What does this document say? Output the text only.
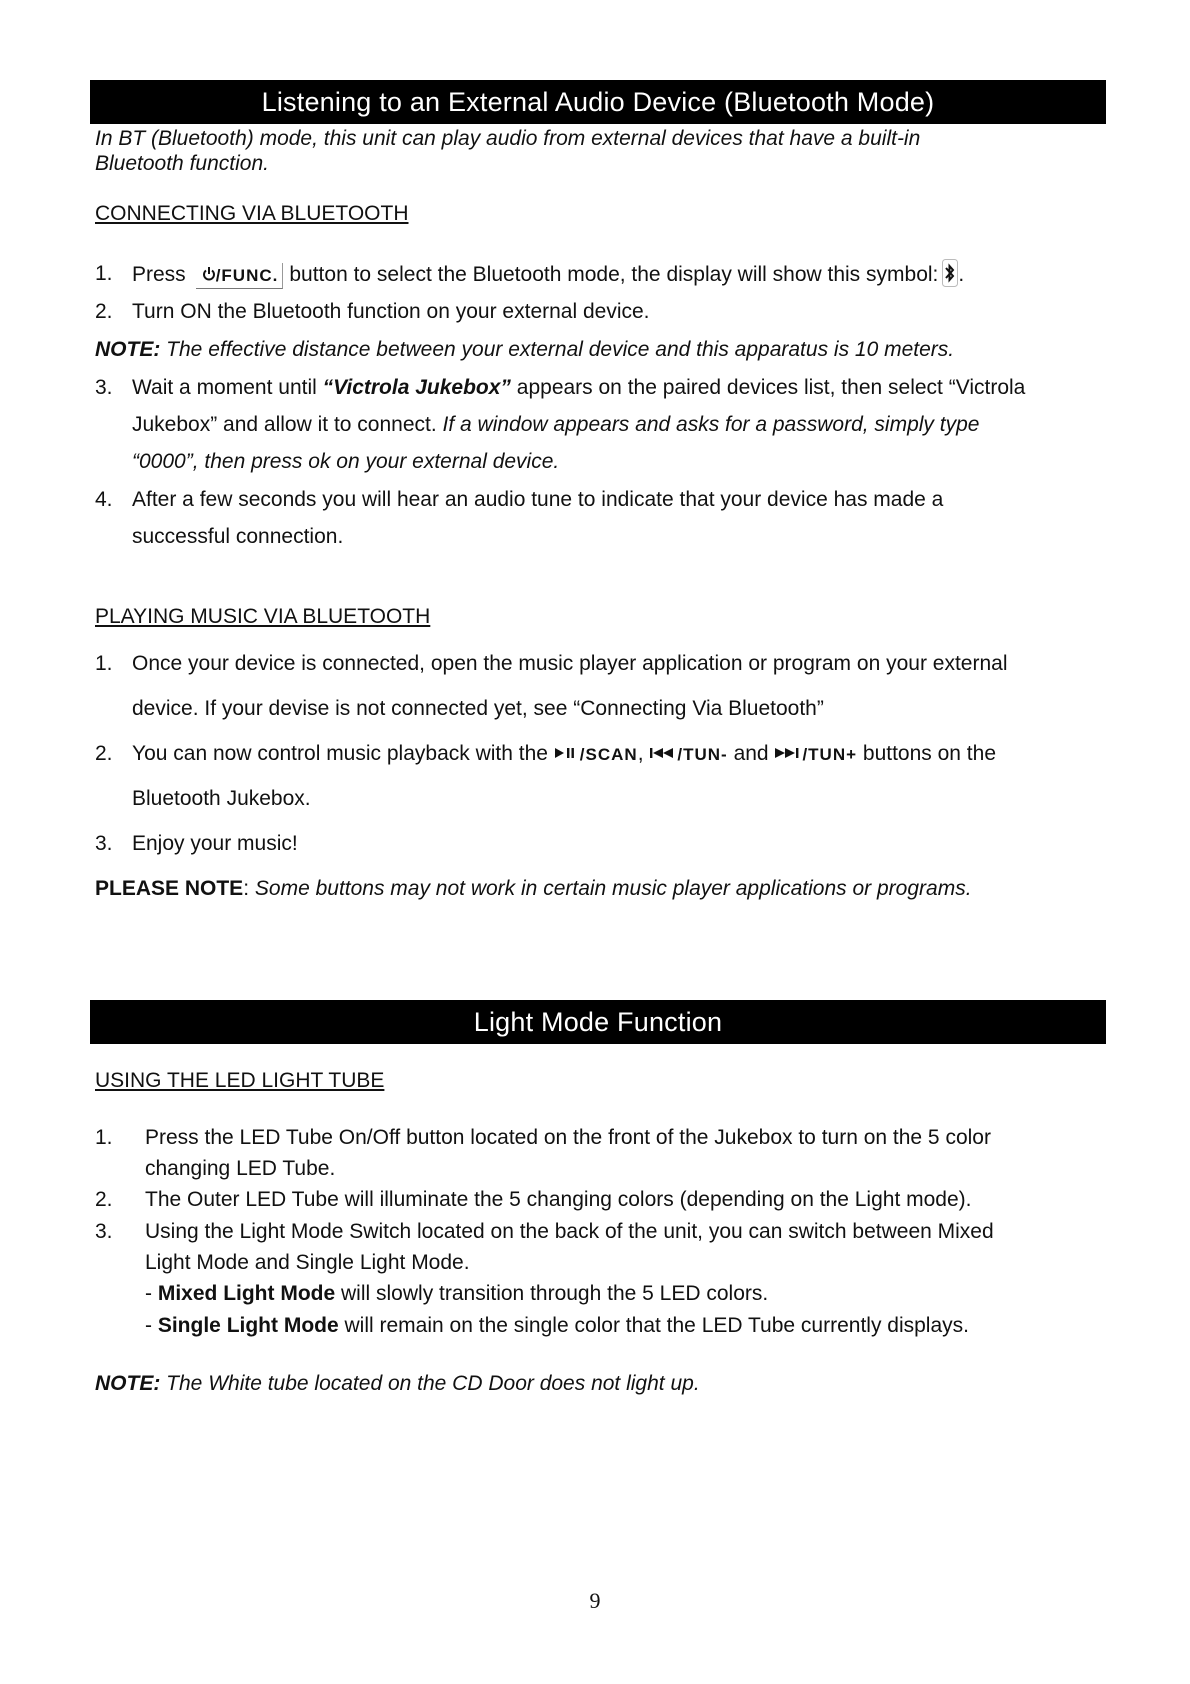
Listening to an External Audio Device (Bluetooth Mode)
In BT (Bluetooth) mode, this unit can play audio from external devices that have a built-in
Bluetooth function.
CONNECTING VIA BLUETOOTH
1. Press /FUNC. button to select the Bluetooth mode, the display will show this symbol: .
2. Turn ON the Bluetooth function on your external device.
NOTE: The effective distance between your external device and this apparatus is 10 meters.
3. Wait a moment until “Victrola Jukebox” appears on the paired devices list, then select “Victrola
Jukebox” and allow it to connect. If a window appears and asks for a password, simply type
“0000”, then press ok on your external device.
4. After a few seconds you will hear an audio tune to indicate that your device has made a
successful connection.
PLAYING MUSIC VIA BLUETOOTH
1. Once your device is connected, open the music player application or program on your external
device. If your devise is not connected yet, see “Connecting Via Bluetooth”
2. You can now control music playback with the /SCAN, /TUN- and /TUN+ buttons on the
Bluetooth Jukebox.
3. Enjoy your music!
PLEASE NOTE: Some buttons may not work in certain music player applications or programs.
Light Mode Function
USING THE LED LIGHT TUBE
1. Press the LED Tube On/Off button located on the front of the Jukebox to turn on the 5 color
changing LED Tube.
2. The Outer LED Tube will illuminate the 5 changing colors (depending on the Light mode).
3. Using the Light Mode Switch located on the back of the unit, you can switch between Mixed
Light Mode and Single Light Mode.
- Mixed Light Mode will slowly transition through the 5 LED colors.
- Single Light Mode will remain on the single color that the LED Tube currently displays.
NOTE: The White tube located on the CD Door does not light up.
9
